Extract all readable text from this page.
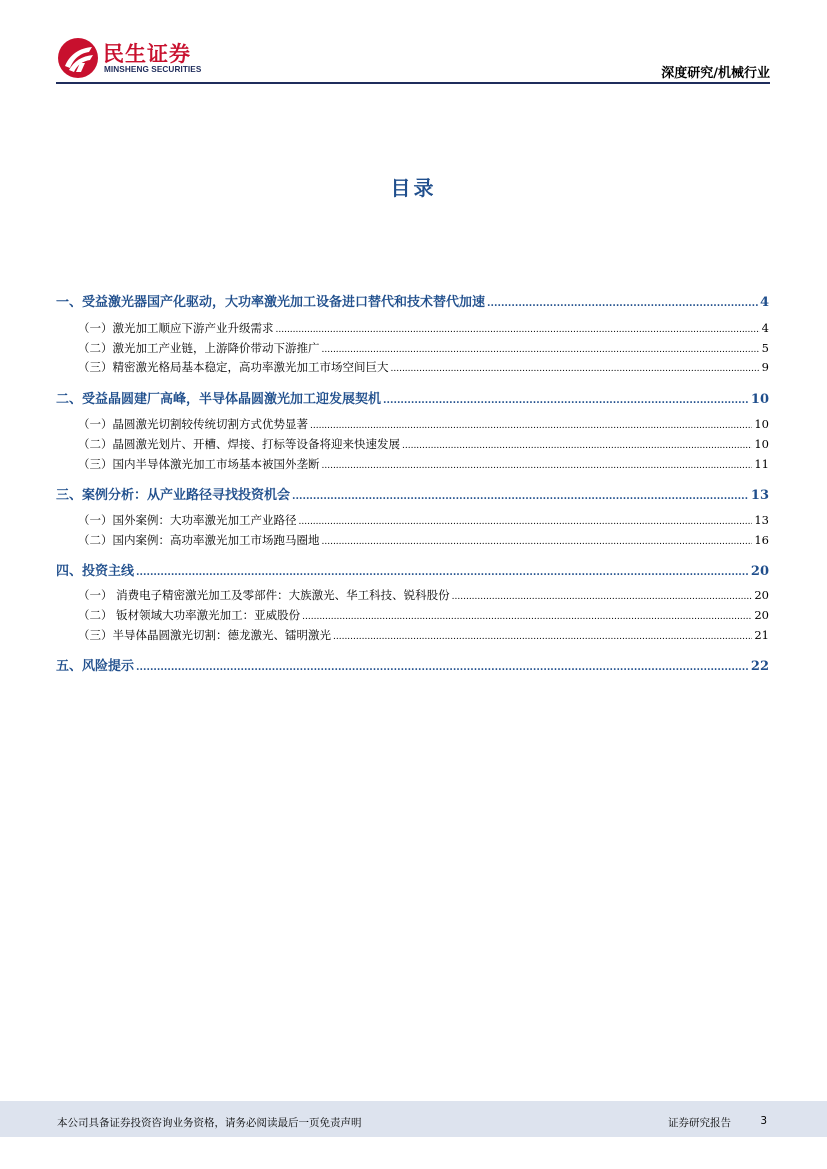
民生证券
MINSHENG SECURITIES	深度研究/机械行业
目录
一、受益激光器国产化驱动，大功率激光加工设备进口替代和技术替代加速 .....	4
（一）激光加工顺应下游产业升级需求 .....	4
（二）激光加工产业链，上游降价带动下游推广 .....	5
（三）精密激光格局基本稳定，高功率激光加工市场空间巨大 .....	9
二、受益晶圆建厂高峰，半导体晶圆激光加工迎发展契机 .....	10
（一）晶圆激光切割较传统切割方式优势显著 .....	10
（二）晶圆激光划片、开槽、焊接、打标等设备将迎来快速发展 .....	10
（三）国内半导体激光加工市场基本被国外垄断 .....	11
三、案例分析：从产业路径寻找投资机会 .....	13
（一）国外案例：大功率激光加工产业路径 .....	13
（二）国内案例：高功率激光加工市场跑马圈地 .....	16
四、投资主线 .....	20
（一） 消费电子精密激光加工及零部件：大族激光、华工科技、锐科股份 .....	20
（二） 钣材领域大功率激光加工：亚威股份 .....	20
（三）半导体晶圆激光切割：德龙激光、镭明激光 .....	21
五、风险提示 .....	22
本公司具备证券投资咨询业务资格，请务必阅读最后一页免责声明	证券研究报告	3
